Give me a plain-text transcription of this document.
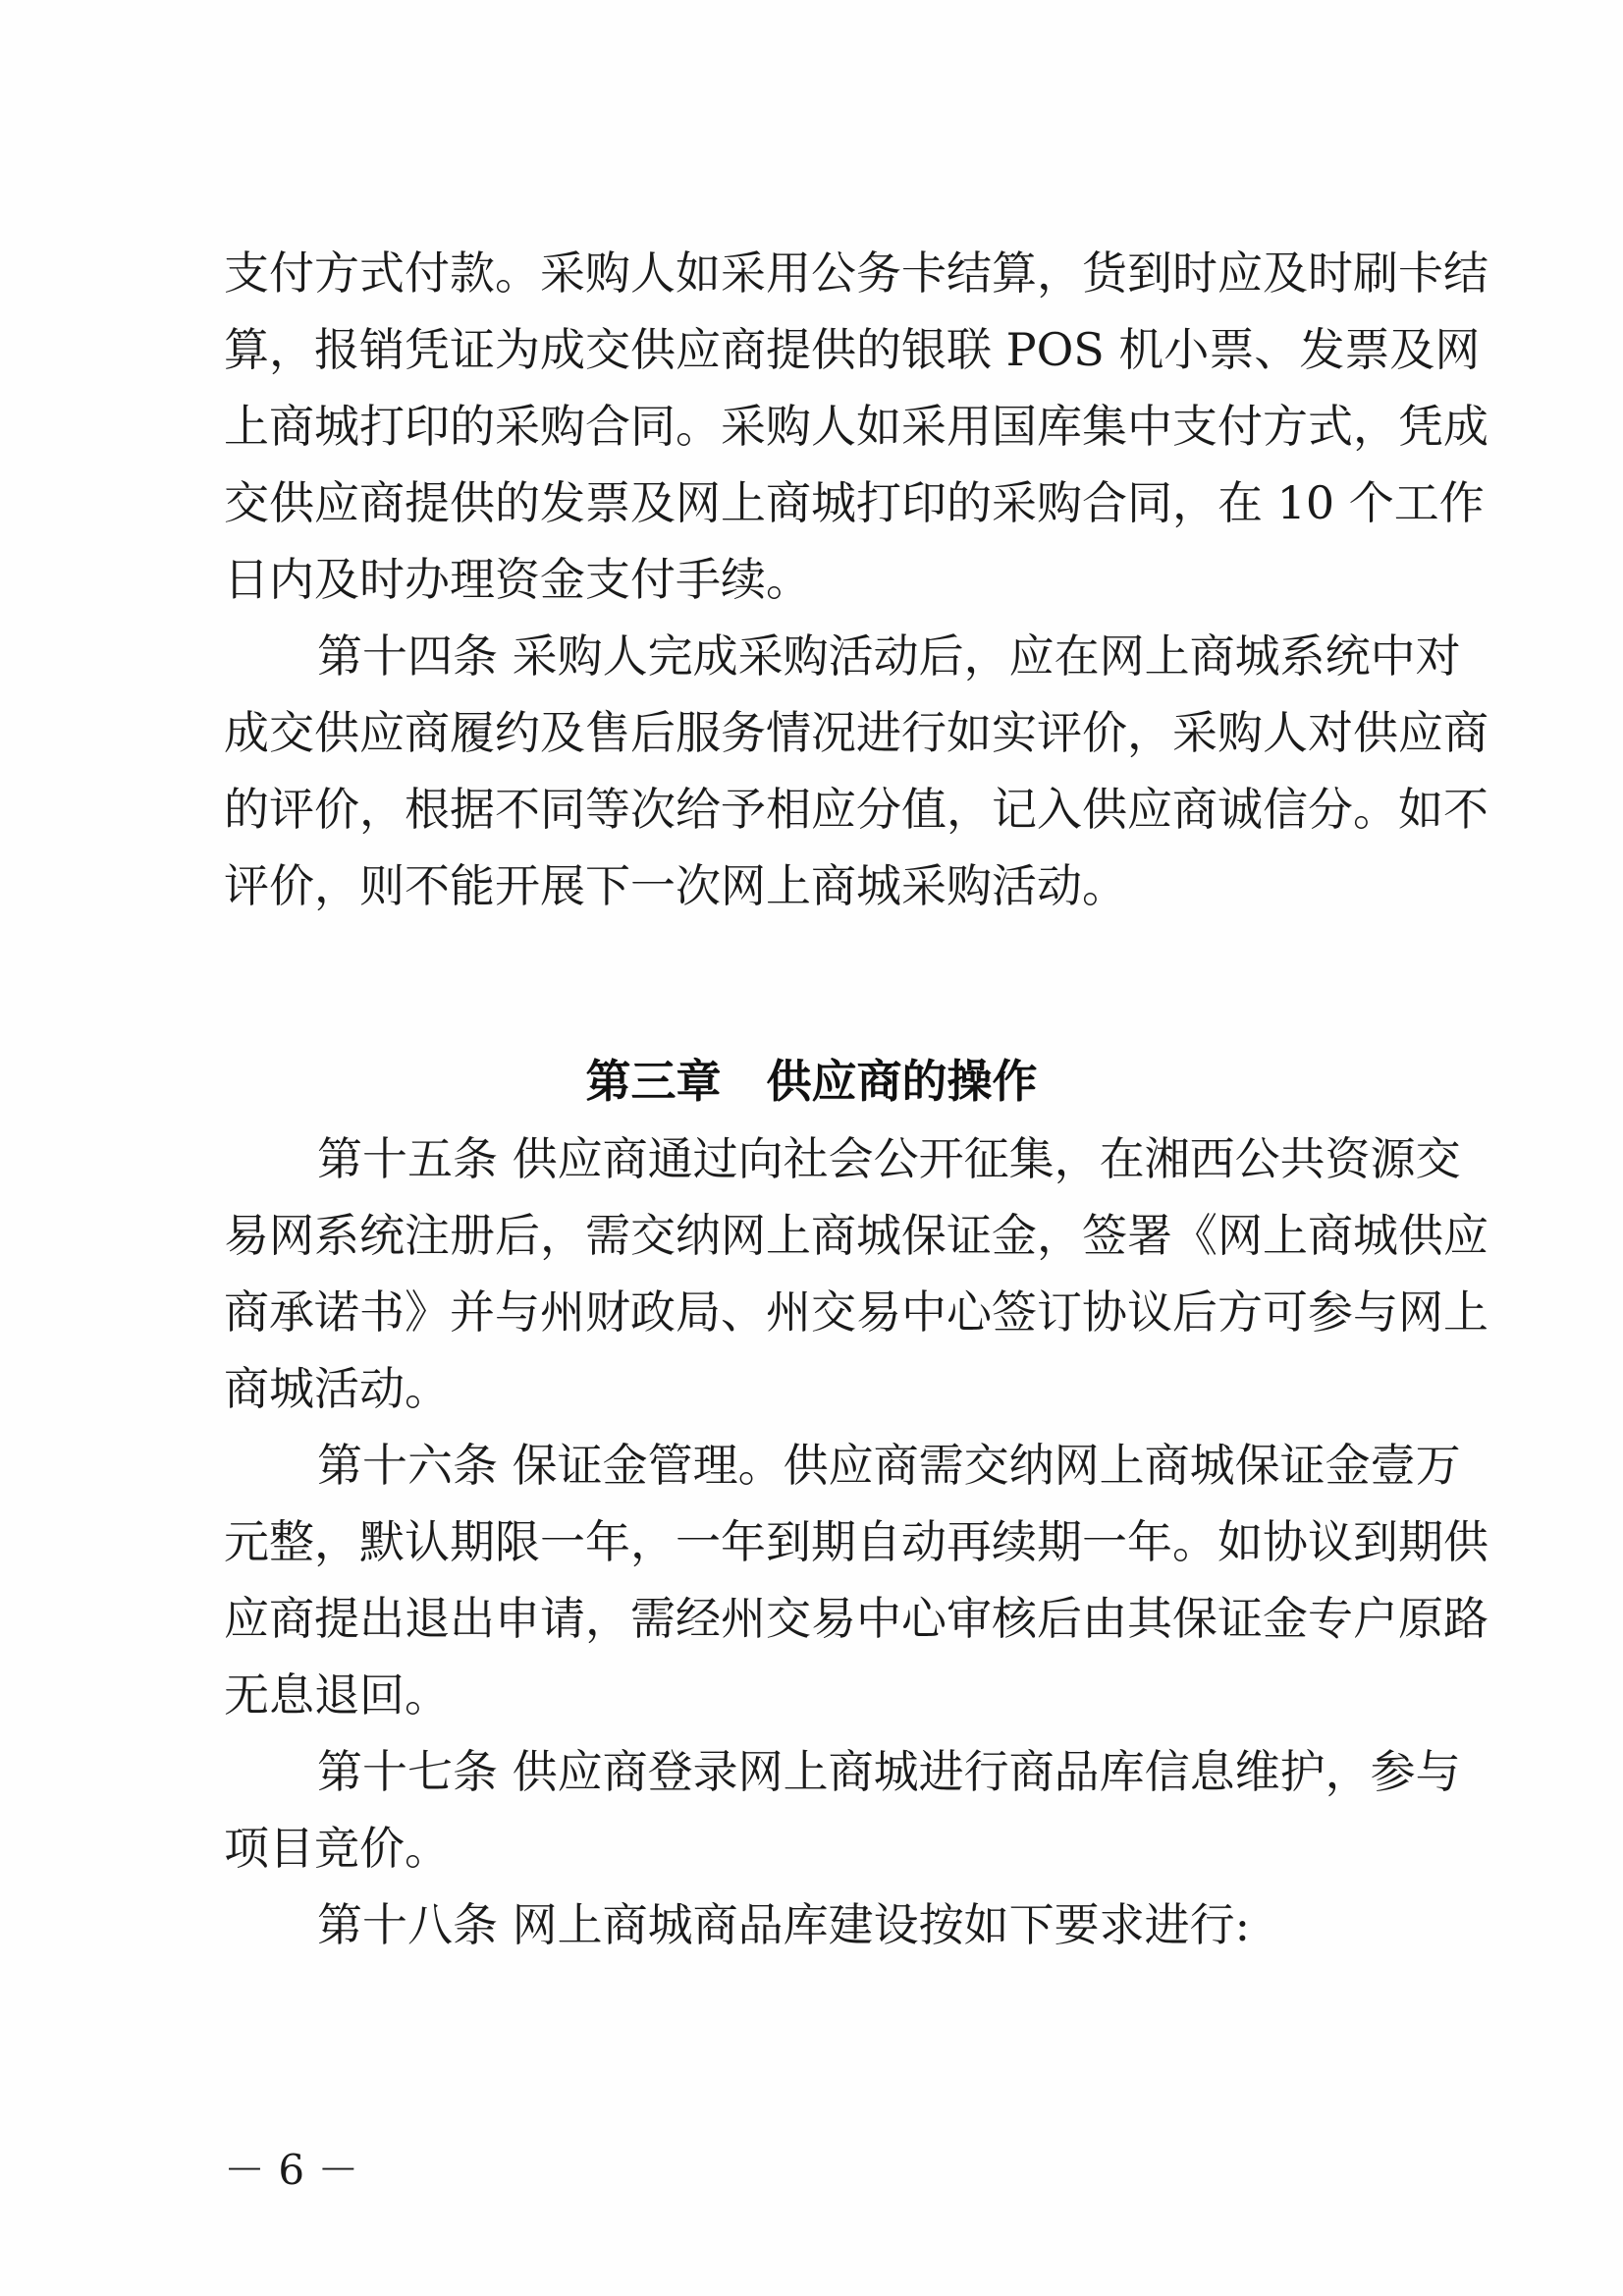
支付方式付款。采购人如采用公务卡结算，货到时应及时刷卡结
算，报销凭证为成交供应商提供的银联 POS 机小票、发票及网
上商城打印的采购合同。采购人如采用国库集中支付方式，凭成
交供应商提供的发票及网上商城打印的采购合同，在 10 个工作
日内及时办理资金支付手续。
第十四条 采购人完成采购活动后，应在网上商城系统中对
成交供应商履约及售后服务情况进行如实评价，采购人对供应商
的评价，根据不同等次给予相应分值，记入供应商诚信分。如不
评价，则不能开展下一次网上商城采购活动。
第三章　供应商的操作
第十五条 供应商通过向社会公开征集，在湘西公共资源交
易网系统注册后，需交纳网上商城保证金，签署《网上商城供应
商承诺书》并与州财政局、州交易中心签订协议后方可参与网上
商城活动。
第十六条 保证金管理。供应商需交纳网上商城保证金壹万
元整，默认期限一年，一年到期自动再续期一年。如协议到期供
应商提出退出申请，需经州交易中心审核后由其保证金专户原路
无息退回。
第十七条 供应商登录网上商城进行商品库信息维护，参与
项目竞价。
第十八条 网上商城商品库建设按如下要求进行:
－ 6 －
